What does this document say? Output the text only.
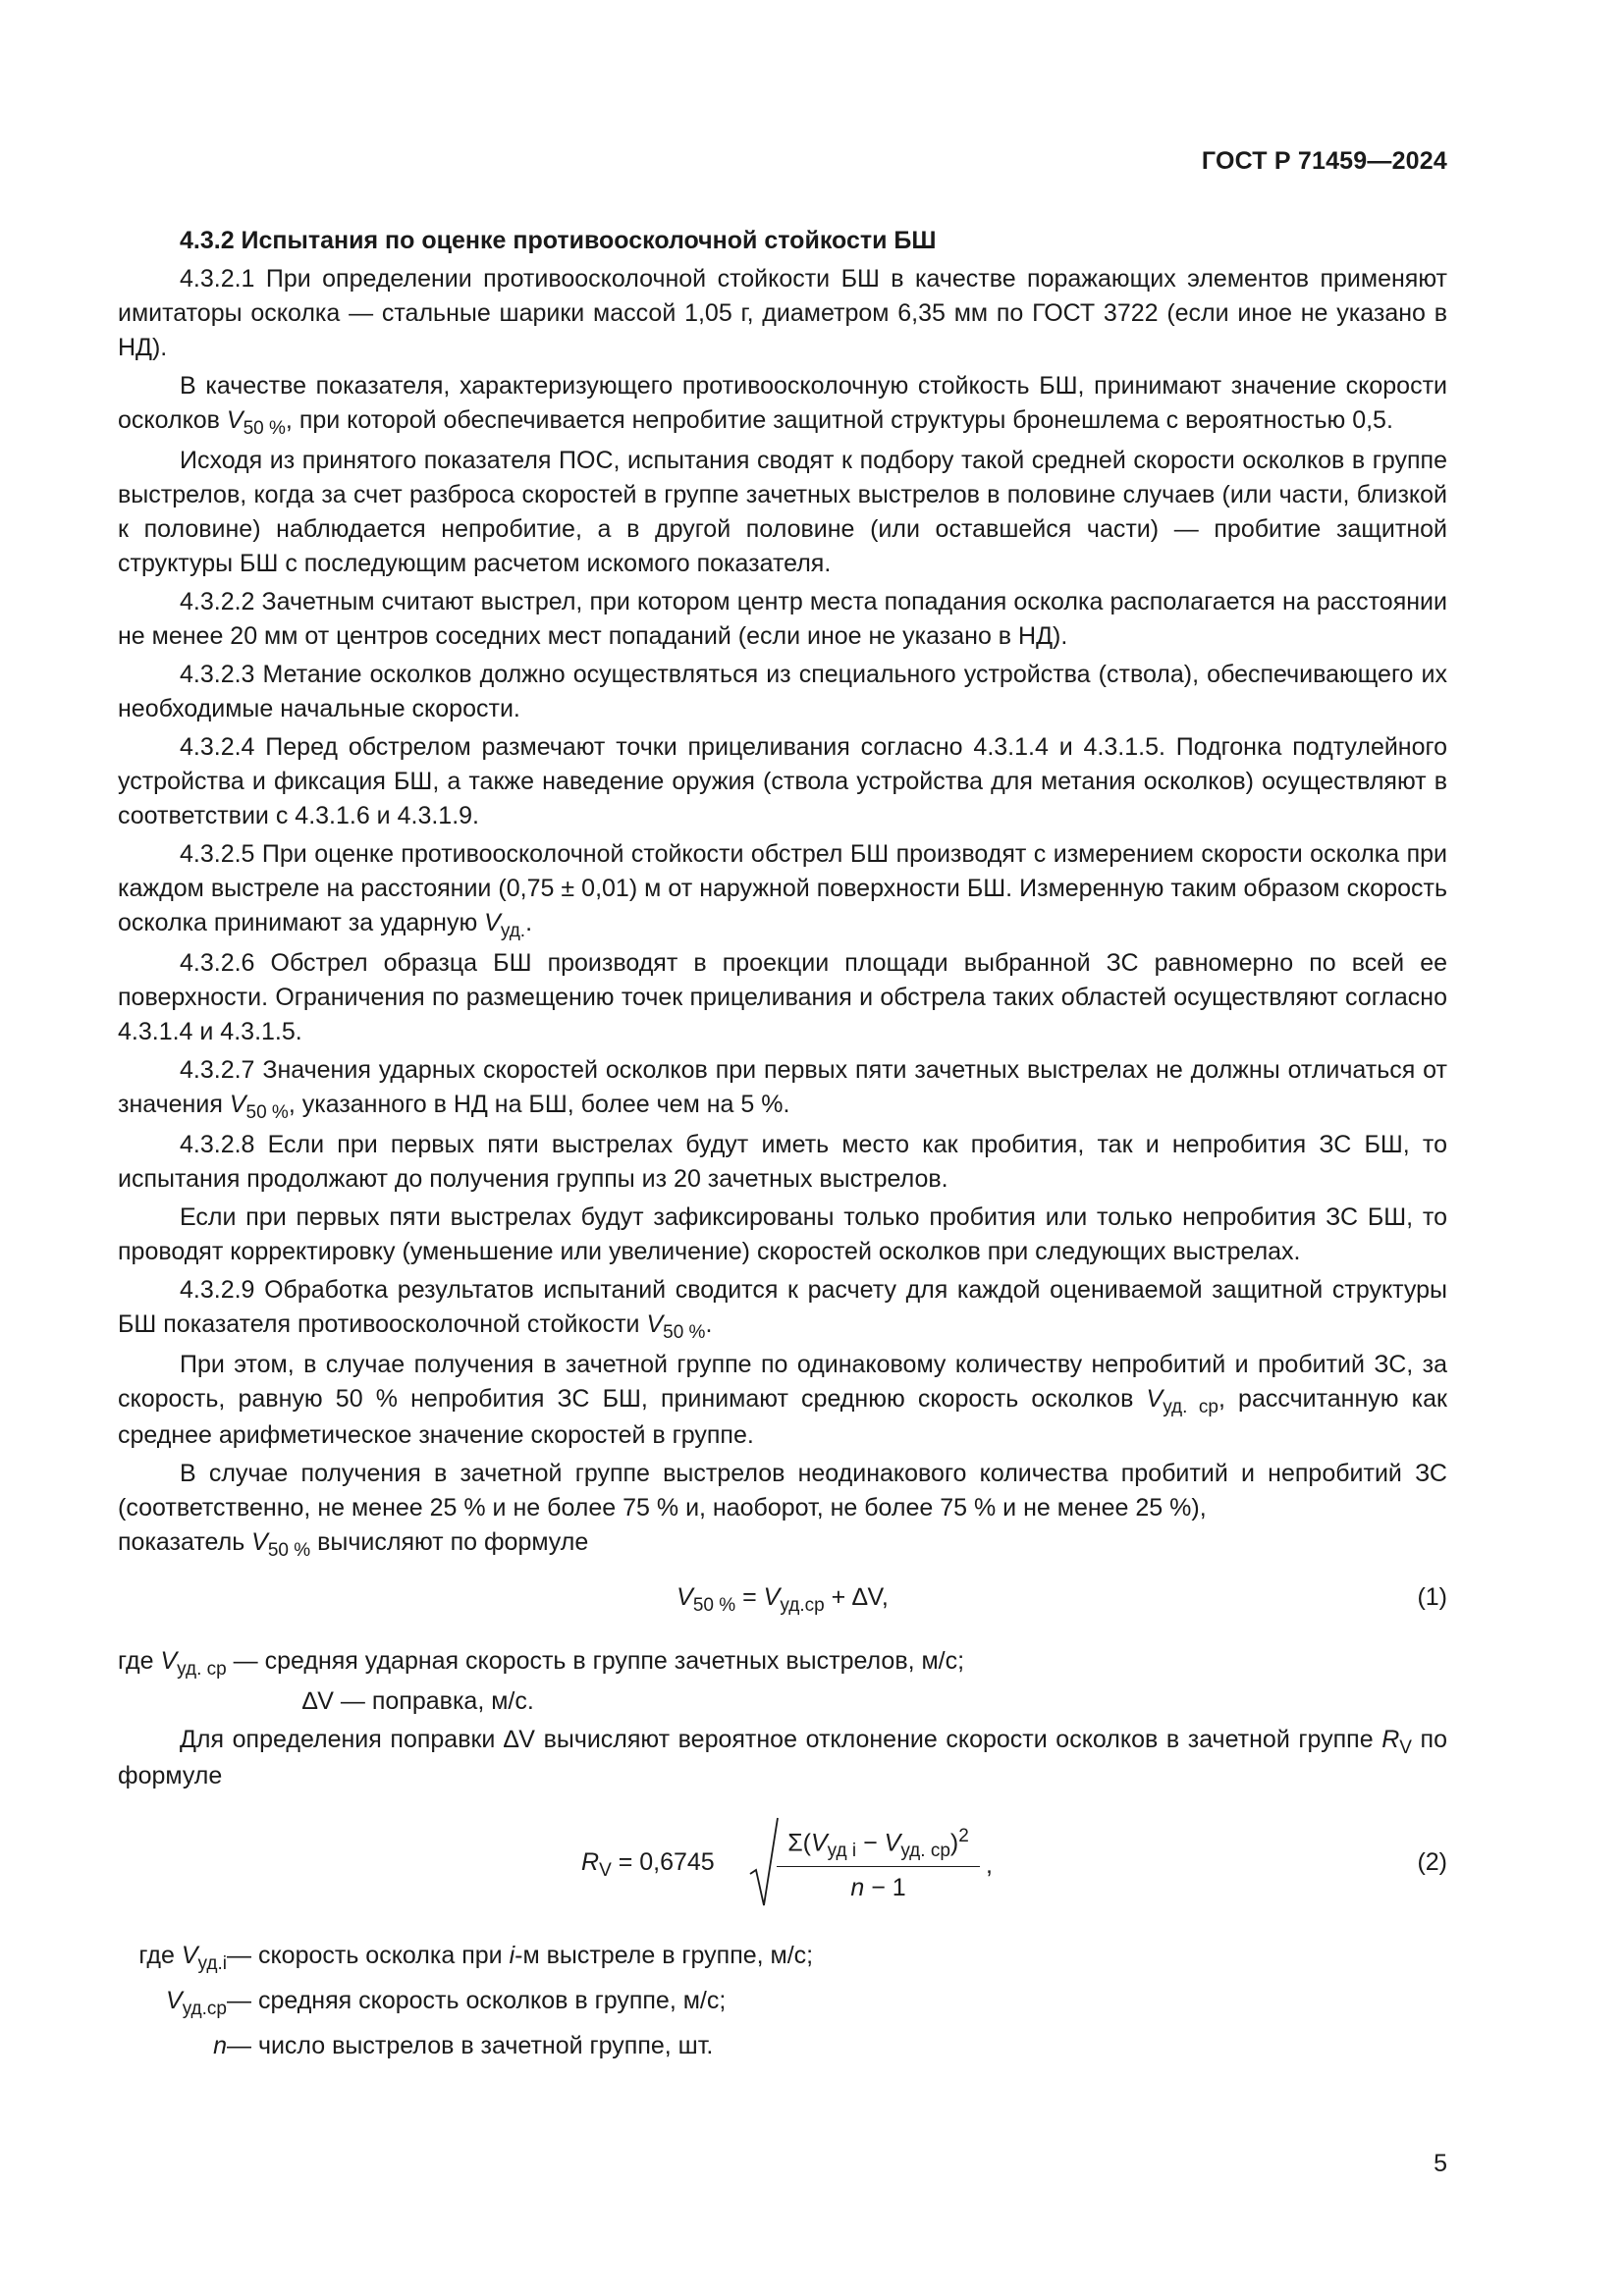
ГОСТ Р 71459—2024

4.3.2 Испытания по оценке противоосколочной стойкости БШ

4.3.2.1 При определении противоосколочной стойкости БШ в качестве поражающих элементов применяют имитаторы осколка — стальные шарики массой 1,05 г, диаметром 6,35 мм по ГОСТ 3722 (если иное не указано в НД).

В качестве показателя, характеризующего противоосколочную стойкость БШ, принимают значение скорости осколков $V_{50 \%}$, при которой обеспечивается непробитие защитной структуры бронешлема с вероятностью 0,5.

Исходя из принятого показателя ПОС, испытания сводят к подбору такой средней скорости осколков в группе выстрелов, когда за счет разброса скоростей в группе зачетных выстрелов в половине случаев (или части, близкой к половине) наблюдается непробитие, а в другой половине (или оставшейся части) — пробитие защитной структуры БШ с последующим расчетом искомого показателя.

4.3.2.2 Зачетным считают выстрел, при котором центр места попадания осколка располагается на расстоянии не менее 20 мм от центров соседних мест попаданий (если иное не указано в НД).

4.3.2.3 Метание осколков должно осуществляться из специального устройства (ствола), обеспечивающего их необходимые начальные скорости.

4.3.2.4 Перед обстрелом размечают точки прицеливания согласно 4.3.1.4 и 4.3.1.5. Подгонка подтулейного устройства и фиксация БШ, а также наведение оружия (ствола устройства для метания осколков) осуществляют в соответствии с 4.3.1.6 и 4.3.1.9.

4.3.2.5 При оценке противоосколочной стойкости обстрел БШ производят с измерением скорости осколка при каждом выстреле на расстоянии (0,75 ± 0,01) м от наружной поверхности БШ. Измеренную таким образом скорость осколка принимают за ударную $V_{уд.}$.

4.3.2.6 Обстрел образца БШ производят в проекции площади выбранной ЗС равномерно по всей ее поверхности. Ограничения по размещению точек прицеливания и обстрела таких областей осуществляют согласно 4.3.1.4 и 4.3.1.5.

4.3.2.7 Значения ударных скоростей осколков при первых пяти зачетных выстрелах не должны отличаться от значения $V_{50 \%}$, указанного в НД на БШ, более чем на 5 %.

4.3.2.8 Если при первых пяти выстрелах будут иметь место как пробития, так и непробития ЗС БШ, то испытания продолжают до получения группы из 20 зачетных выстрелов.

Если при первых пяти выстрелах будут зафиксированы только пробития или только непробития ЗС БШ, то проводят корректировку (уменьшение или увеличение) скоростей осколков при следующих выстрелах.

4.3.2.9 Обработка результатов испытаний сводится к расчету для каждой оцениваемой защитной структуры БШ показателя противоосколочной стойкости $V_{50 \%}$.

При этом, в случае получения в зачетной группе по одинаковому количеству непробитий и пробитий ЗС, за скорость, равную 50 % непробития ЗС БШ, принимают среднюю скорость осколков $V_{уд. ср}$, рассчитанную как среднее арифметическое значение скоростей в группе.

В случае получения в зачетной группе выстрелов неодинакового количества пробитий и непробитий ЗС (соответственно, не менее 25 % и не более 75 % и, наоборот, не более 75 % и не менее 25 %),

показатель $V_{50 \%}$ вычисляют по формуле

$V_{50 \%} = V_{уд.ср} + \Delta V$,	(1)

где $V_{уд. ср}$ — средняя ударная скорость в группе зачетных выстрелов, м/с;

∆V — поправка, м/с.

Для определения поправки ∆V вычисляют вероятное отклонение скорости осколков в зачетной группе $R_V$ по формуле

$R_V = 0,6745$
$\Sigma(V_{уд i} - V_{уд. ср})^2$
n − 1
,	(2)
где $V_{уд.i}$ — скорость осколка при i-м выстреле в группе, м/с;
$V_{уд.ср}$ — средняя скорость осколков в группе, м/с;
n — число выстрелов в зачетной группе, шт.
5
